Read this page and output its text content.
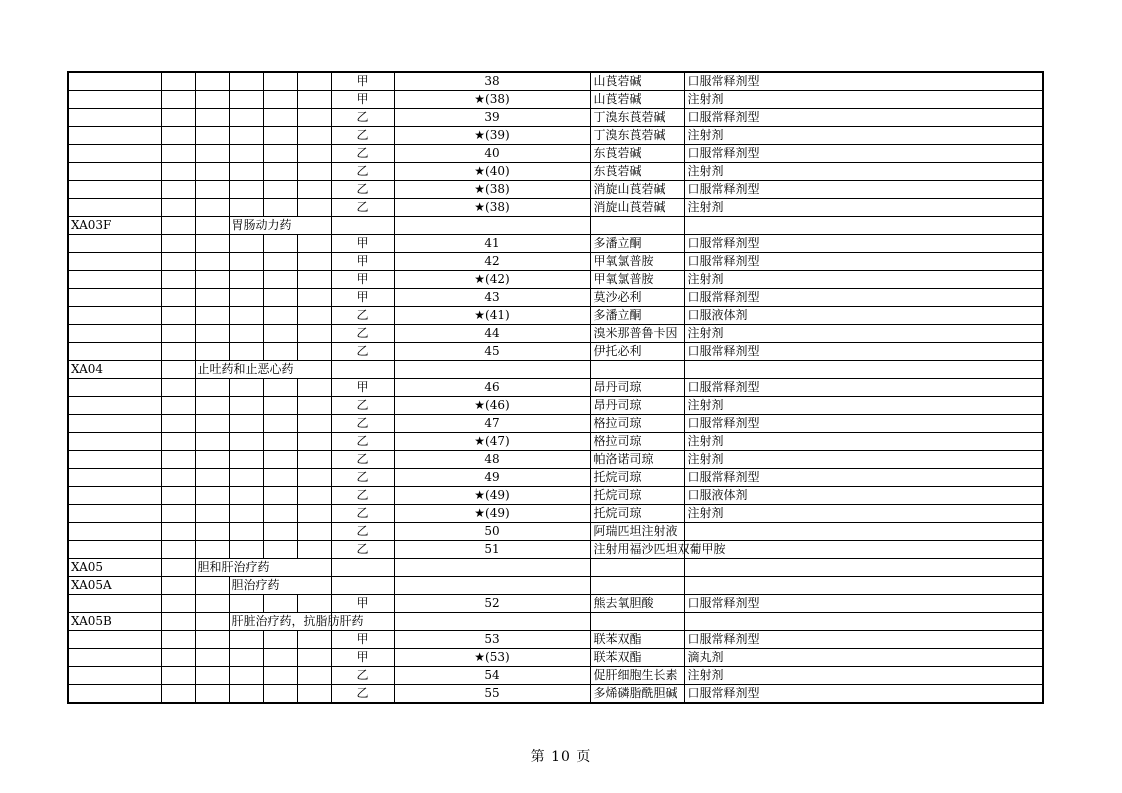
						甲	38	山莨菪碱	口服常释剂型	
						甲	★(38)	山莨菪碱	注射剂	
						乙	39	丁溴东莨菪碱	口服常释剂型	
						乙	★(39)	丁溴东莨菪碱	注射剂	
						乙	40	东莨菪碱	口服常释剂型	
						乙	★(40)	东莨菪碱	注射剂	
						乙	★(38)	消旋山莨菪碱	口服常释剂型	
						乙	★(38)	消旋山莨菪碱	注射剂	
XA03F			胃肠动力药							
						甲	41	多潘立酮	口服常释剂型	
						甲	42	甲氧氯普胺	口服常释剂型	
						甲	★(42)	甲氧氯普胺	注射剂	
						甲	43	莫沙必利	口服常释剂型	
						乙	★(41)	多潘立酮	口服液体剂	
						乙	44	溴米那普鲁卡因	注射剂	
						乙	45	伊托必利	口服常释剂型	
XA04		止吐药和止恶心药								
						甲	46	昂丹司琼	口服常释剂型	
						乙	★(46)	昂丹司琼	注射剂	
						乙	47	格拉司琼	口服常释剂型	
						乙	★(47)	格拉司琼	注射剂	
						乙	48	帕洛诺司琼	注射剂	
						乙	49	托烷司琼	口服常释剂型	
						乙	★(49)	托烷司琼	口服液体剂	
						乙	★(49)	托烷司琼	注射剂	
						乙	50	阿瑞匹坦注射液		
						乙	51	注射用福沙匹坦双葡甲胺		
XA05		胆和肝治疗药								
XA05A			胆治疗药							
						甲	52	熊去氧胆酸	口服常释剂型	
XA05B			肝脏治疗药，抗脂肪肝药							
						甲	53	联苯双酯	口服常释剂型	
						甲	★(53)	联苯双酯	滴丸剂	
						乙	54	促肝细胞生长素	注射剂	
						乙	55	多烯磷脂酰胆碱	口服常释剂型	
第 10 页
